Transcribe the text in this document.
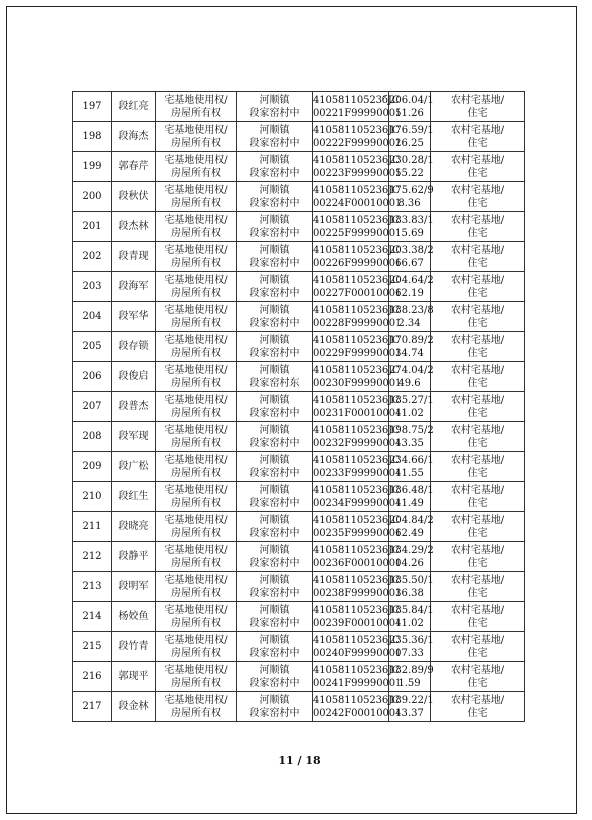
197	段红亮	宅基地使用权/
房屋所有权	河顺镇
段家窑村中	41058110523бJC
00221F99990001	206.04/1
51.26	农村宅基地/
住宅

198	段海杰	宅基地使用权/
房屋所有权	河顺镇
段家窑村中	410581105236JC
00222F99990001	176.59/1
26.25	农村宅基地/
住宅

199	郭春芹	宅基地使用权/
房屋所有权	河顺镇
段家窑村中	410581105236JC
00223F99990001	230.28/1
55.22	农村宅基地/
住宅

200	段秋伏	宅基地使用权/
房屋所有权	河顺镇
段家窑村中	410581105236JC
00224F00010001	175.62/9
8.36	农村宅基地/
住宅

201	段杰林	宅基地使用权/
房屋所有权	河顺镇
段家窑村中	410581105236JC
00225F99990001	183.83/1
15.69	农村宅基地/
住宅

202	段青现	宅基地使用权/
房屋所有权	河顺镇
段家窑村中	410581105236JC
00226F99990001	203.38/2
66.67	农村宅基地/
住宅

203	段海军	宅基地使用权/
房屋所有权	河顺镇
段家窑村中	410581105236JC
00227F00010001	204.64/2
62.19	农村宅基地/
住宅

204	段军华	宅基地使用权/
房屋所有权	河顺镇
段家窑村中	410581105236JC
00228F99990001	188.23/8
2.34	农村宅基地/
住宅

205	段存锁	宅基地使用权/
房屋所有权	河顺镇
段家窑村中	410581105236JC
00229F99990001	170.89/2
34.74	农村宅基地/
住宅

206	段俊启	宅基地使用权/
房屋所有权	河顺镇
段家窑村东	410581105236JC
00230F99990001	274.04/2
49.6	农村宅基地/
住宅

207	段普杰	宅基地使用权/
房屋所有权	河顺镇
段家窑村中	410581105236JC
00231F00010001	185.27/1
41.02	农村宅基地/
住宅

208	段军现	宅基地使用权/
房屋所有权	河顺镇
段家窑村中	410581105236JC
00232F99990001	198.75/2
43.35	农村宅基地/
住宅

209	段广松	宅基地使用权/
房屋所有权	河顺镇
段家窑村中	410581105236JC
00233F99990001	234.66/1
41.55	农村宅基地/
住宅

210	段红生	宅基地使用权/
房屋所有权	河顺镇
段家窑村中	410581105236JC
00234F99990001	186.48/1
41.49	农村宅基地/
住宅

211	段晓亮	宅基地使用权/
房屋所有权	河顺镇
段家窑村中	410581105236JC
00235F99990001	204.84/2
62.49	农村宅基地/
住宅

212	段静平	宅基地使用权/
房屋所有权	河顺镇
段家窑村中	410581105236JC
00236F00010001	184.29/2
04.26	农村宅基地/
住宅

213	段明军	宅基地使用权/
房屋所有权	河顺镇
段家窑村中	410581105236JC
00238F99990001	185.50/1
36.38	农村宅基地/
住宅

214	杨姣鱼	宅基地使用权/
房屋所有权	河顺镇
段家窑村中	410581105236JC
00239F00010001	185.84/1
41.02	农村宅基地/
住宅

215	段竹青	宅基地使用权/
房屋所有权	河顺镇
段家窑村中	410581105236JC
00240F99990001	235.36/1
07.33	农村宅基地/
住宅

216	郭现平	宅基地使用权/
房屋所有权	河顺镇
段家窑村中	410581105236JC
00241F99990001	182.89/9
1.59	农村宅基地/
住宅

217	段金林	宅基地使用权/
房屋所有权	河顺镇
段家窑村中	410581105236JC
00242F00010001	189.22/1
43.37	农村宅基地/
住宅
11 / 18
